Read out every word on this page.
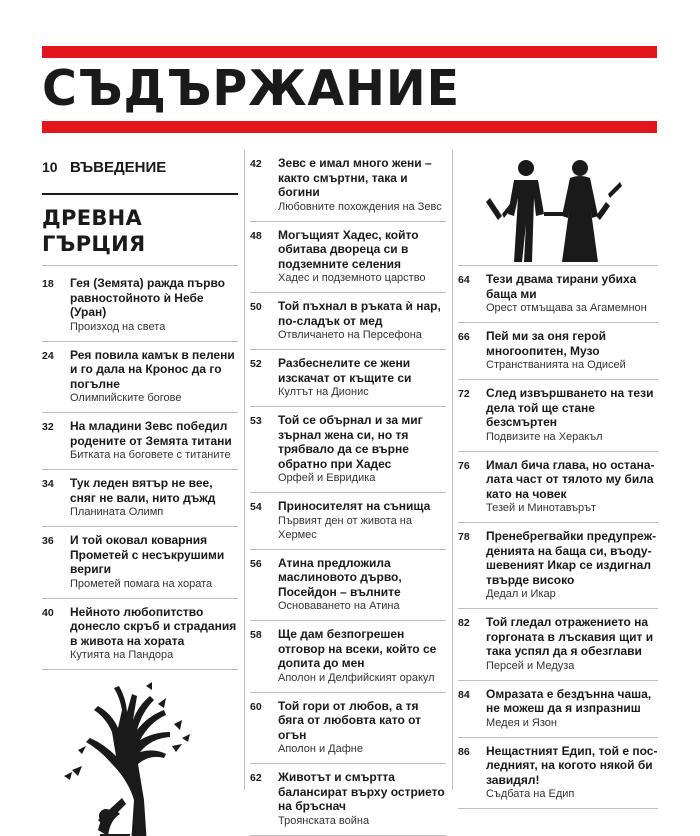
СЪДЪРЖАНИЕ
10 ВЪВЕДЕНИЕ
ДРЕВНА ГЪРЦИЯ
18	Гея (Земята) ражда първо равностойното ѝ Небе (Уран)
Произход на света
24	Рея повила камък в пелени и го дала на Кронос да го погълне
Олимпийските богове
32	На младини Зевс победил родените от Земята титани
Битката на боговете с титаните
34	Тук леден вятър не вее, сняг не вали, нито дъжд
Планината Олимп
36	И той оковал коварния Прометей с несъкрушими вериги
Прометей помага на хората
40	Нейното любопитство донесло скръб и страдания в живота на хората
Кутията на Пандора
42	Зевс е имал много жени – както смъртни, така и богини
Любовните похождения на Зевс
48	Могъщият Хадес, който обитава двореца си в подземните селения
Хадес и подземното царство
50	Той пъхнал в ръката ѝ нар, по-сладък от мед
Отвличането на Персефона
52	Разбеснелите се жени изскачат от къщите си
Култът на Дионис
53	Той се обърнал и за миг зърнал жена си, но тя трябвало да се върне обратно при Хадес
Орфей и Евридика
54	Приносителят на сънища
Първият ден от живота на Хермес
56	Атина предложила маслиновото дърво, Посейдон – вълните
Основаването на Атина
58	Ще дам безпогрешен отговор на всеки, който се допита до мен
Аполон и Делфийският оракул
60	Той гори от любов, а тя бяга от любовта като от огън
Аполон и Дафне
62	Животът и смъртта балансират върху острието на бръснач
Троянската война
64	Тези двама тирани убиха баща ми
Орест отмъщава за Агамемнон
66	Пей ми за оня герой многоопитен, Музо
Странстванията на Одисей
72	След извършването на тези дела той ще стане безсмъртен
Подвизите на Херакъл
76	Имал бича глава, но останалата част от тялото му била като на човек
Тезей и Минотавърът
78	Пренебрегвайки предупрежденията на баща си, въодушевеният Икар се издигнал твърде високо
Дедал и Икар
82	Той гледал отражението на горгоната в лъскавия щит и така успял да я обезглави
Персей и Медуза
84	Омразата е бездънна чаша, не можеш да я изпразниш
Медея и Язон
86	Нещастният Едип, той е последният, на когото някой би завидял!
Съдбата на Едип
